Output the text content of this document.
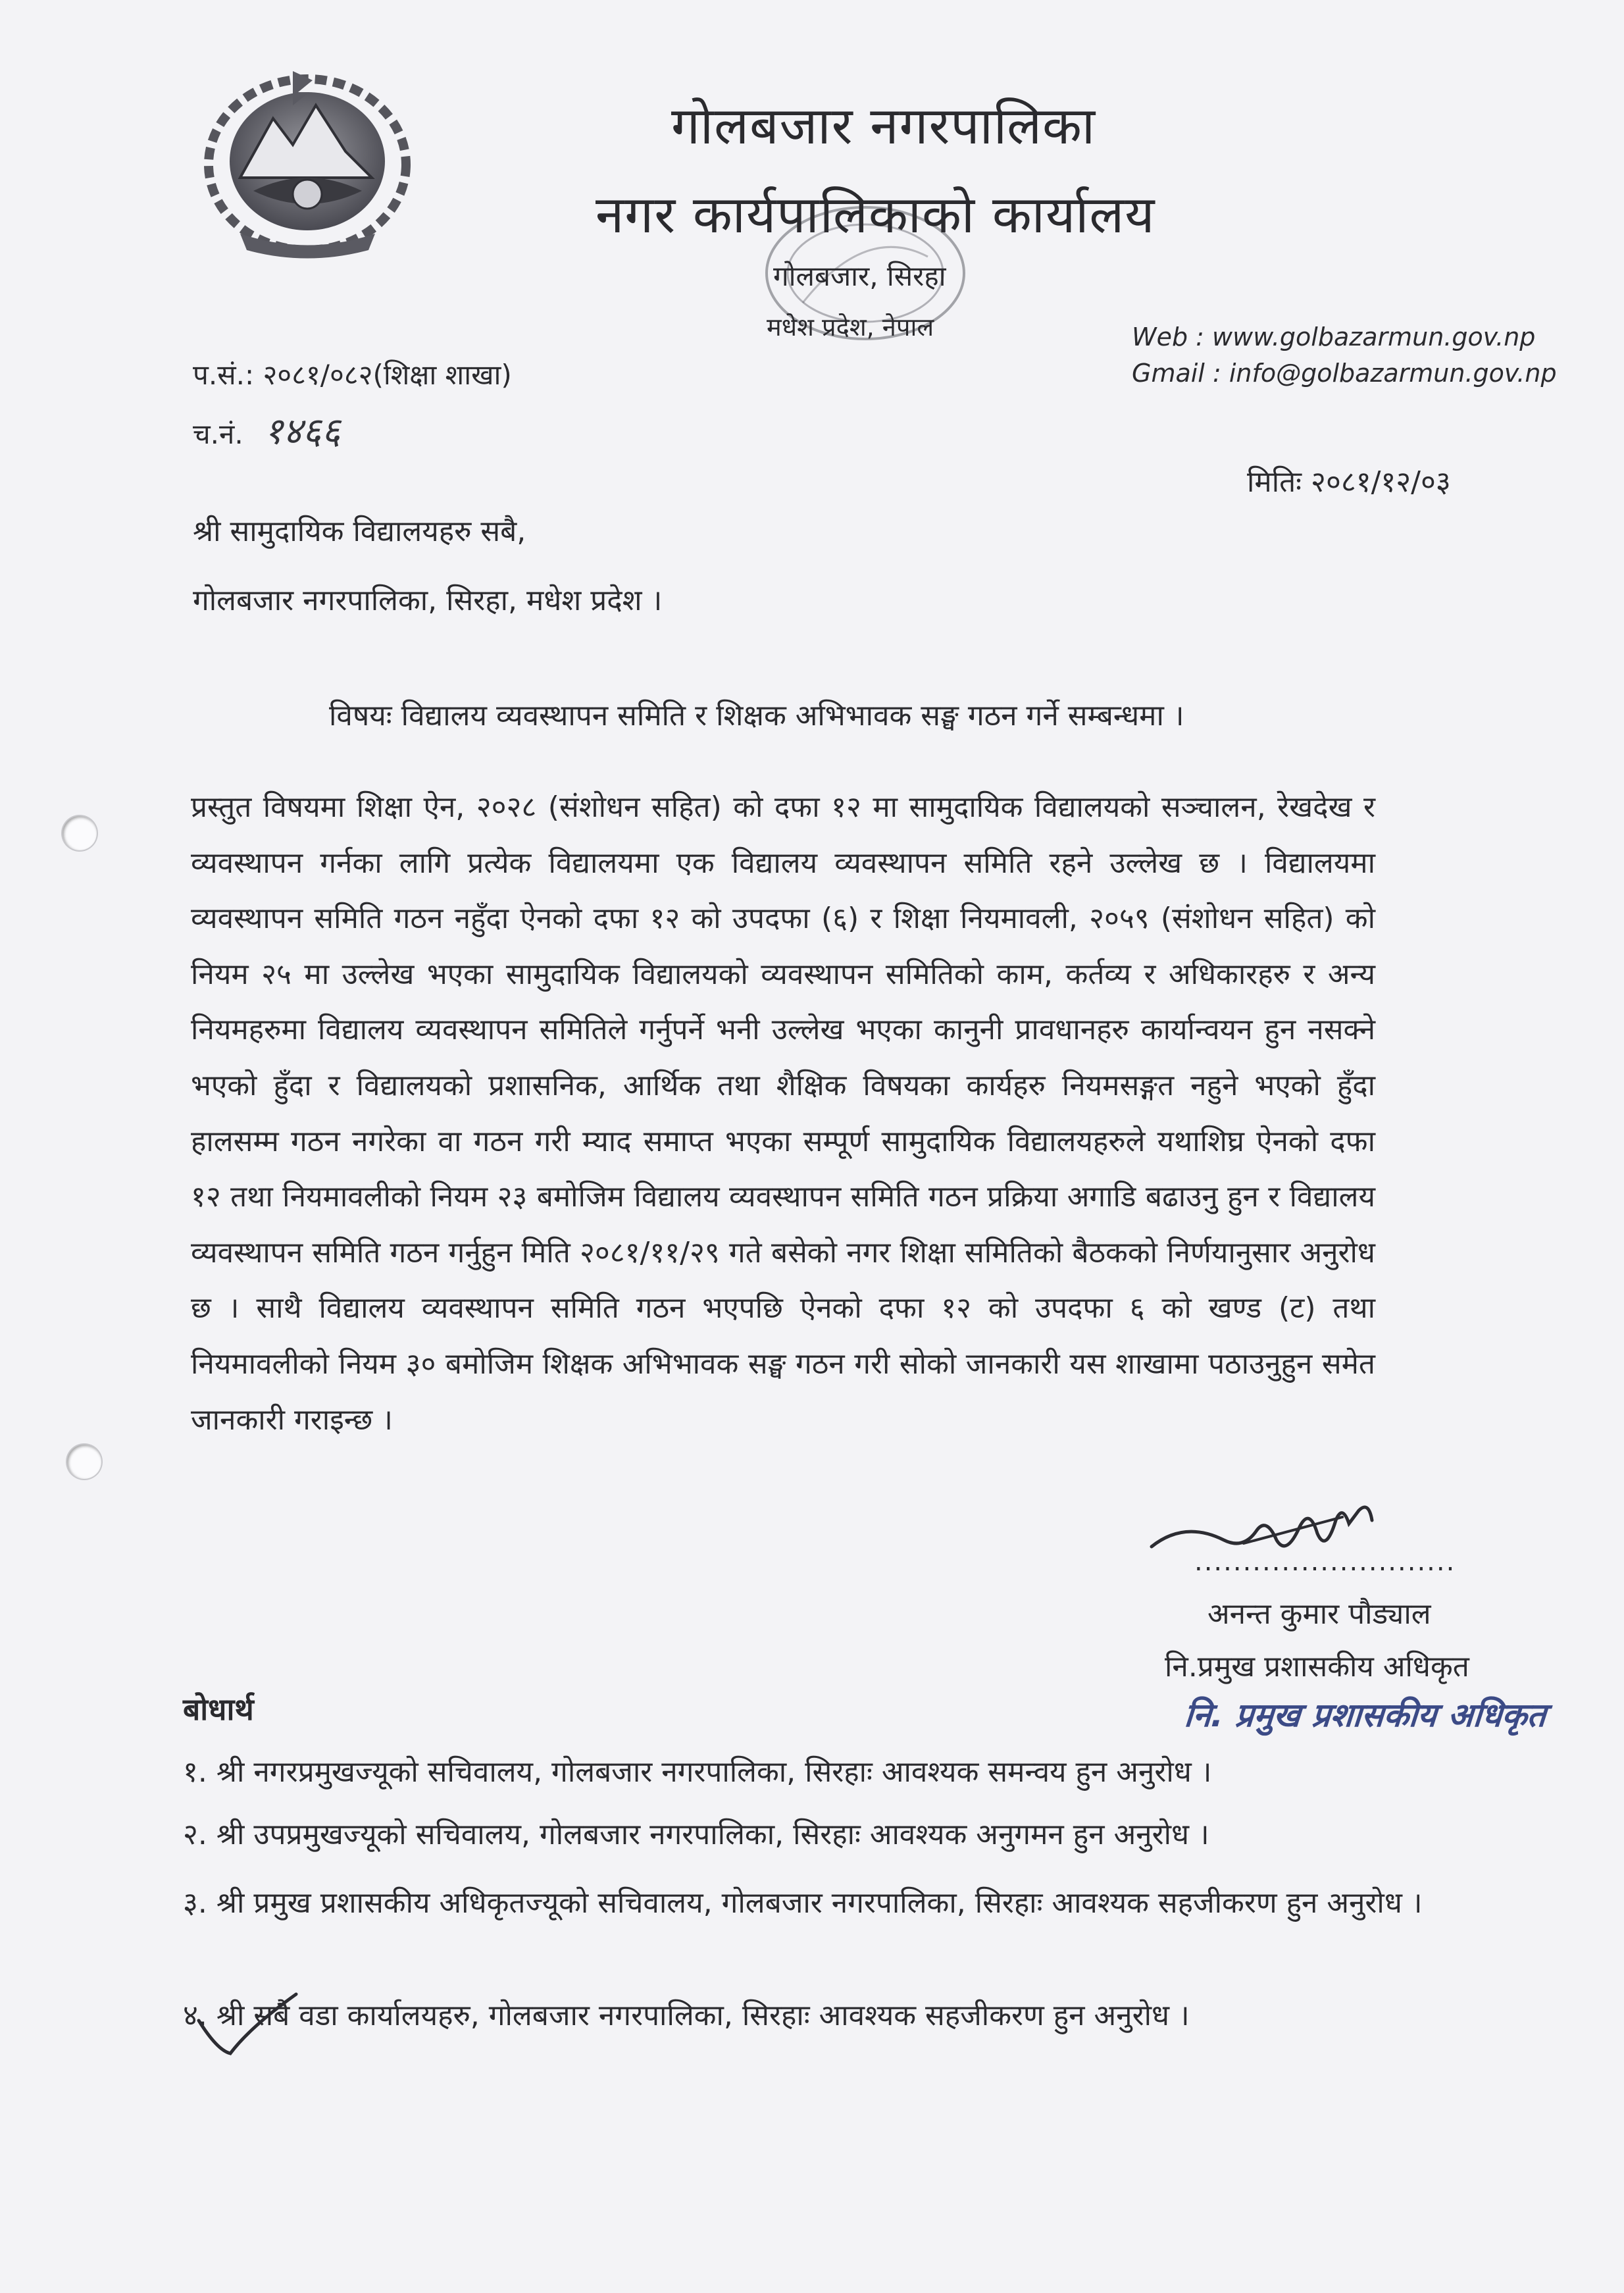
गोलबजार नगरपालिका
नगर कार्यपालिकाको कार्यालय
गोलबजार, सिरहा
मधेश प्रदेश, नेपाल	Web : www.golbazarmun.gov.np
Gmail : info@golbazarmun.gov.np
प.सं.: २०८१/०८२(शिक्षा शाखा)
च.नं. १४६६
मितिः २०८१/१२/०३
श्री सामुदायिक विद्यालयहरु सबै,
गोलबजार नगरपालिका, सिरहा, मधेश प्रदेश ।
विषयः विद्यालय व्यवस्थापन समिति र शिक्षक अभिभावक सङ्घ गठन गर्ने सम्बन्धमा ।
प्रस्तुत विषयमा शिक्षा ऐन, २०२८ (संशोधन सहित) को दफा १२ मा सामुदायिक विद्यालयको सञ्चालन, रेखदेख र व्यवस्थापन गर्नका लागि प्रत्येक विद्यालयमा एक विद्यालय व्यवस्थापन समिति रहने उल्लेख छ । विद्यालयमा व्यवस्थापन समिति गठन नहुँदा ऐनको दफा १२ को उपदफा (६) र शिक्षा नियमावली, २०५९ (संशोधन सहित) को नियम २५ मा उल्लेख भएका सामुदायिक विद्यालयको व्यवस्थापन समितिको काम, कर्तव्य र अधिकारहरु र अन्य नियमहरुमा विद्यालय व्यवस्थापन समितिले गर्नुपर्ने भनी उल्लेख भएका कानुनी प्रावधानहरु कार्यान्वयन हुन नसक्ने भएको हुँदा र विद्यालयको प्रशासनिक, आर्थिक तथा शैक्षिक विषयका कार्यहरु नियमसङ्गत नहुने भएको हुँदा हालसम्म गठन नगरेका वा गठन गरी म्याद समाप्त भएका सम्पूर्ण सामुदायिक विद्यालयहरुले यथाशिघ्र ऐनको दफा १२ तथा नियमावलीको नियम २३ बमोजिम विद्यालय व्यवस्थापन समिति गठन प्रक्रिया अगाडि बढाउनु हुन र विद्यालय व्यवस्थापन समिति गठन गर्नुहुन मिति २०८१/११/२९ गते बसेको नगर शिक्षा समितिको बैठकको निर्णयानुसार अनुरोध छ । साथै विद्यालय व्यवस्थापन समिति गठन भएपछि ऐनको दफा १२ को उपदफा ६ को खण्ड (ट) तथा नियमावलीको नियम ३० बमोजिम शिक्षक अभिभावक सङ्घ गठन गरी सोको जानकारी यस शाखामा पठाउनुहुन समेत जानकारी गराइन्छ ।
...........................
अनन्त कुमार पौड्याल
नि.प्रमुख प्रशासकीय अधिकृत
नि. प्रमुख प्रशासकीय अधिकृत
बोधार्थ
१. श्री नगरप्रमुखज्यूको सचिवालय, गोलबजार नगरपालिका, सिरहाः आवश्यक समन्वय हुन अनुरोध ।
२. श्री उपप्रमुखज्यूको सचिवालय, गोलबजार नगरपालिका, सिरहाः आवश्यक अनुगमन हुन अनुरोध ।
३. श्री प्रमुख प्रशासकीय अधिकृतज्यूको सचिवालय, गोलबजार नगरपालिका, सिरहाः आवश्यक सहजीकरण हुन अनुरोध ।
४. श्री सबै वडा कार्यालयहरु, गोलबजार नगरपालिका, सिरहाः आवश्यक सहजीकरण हुन अनुरोध ।
